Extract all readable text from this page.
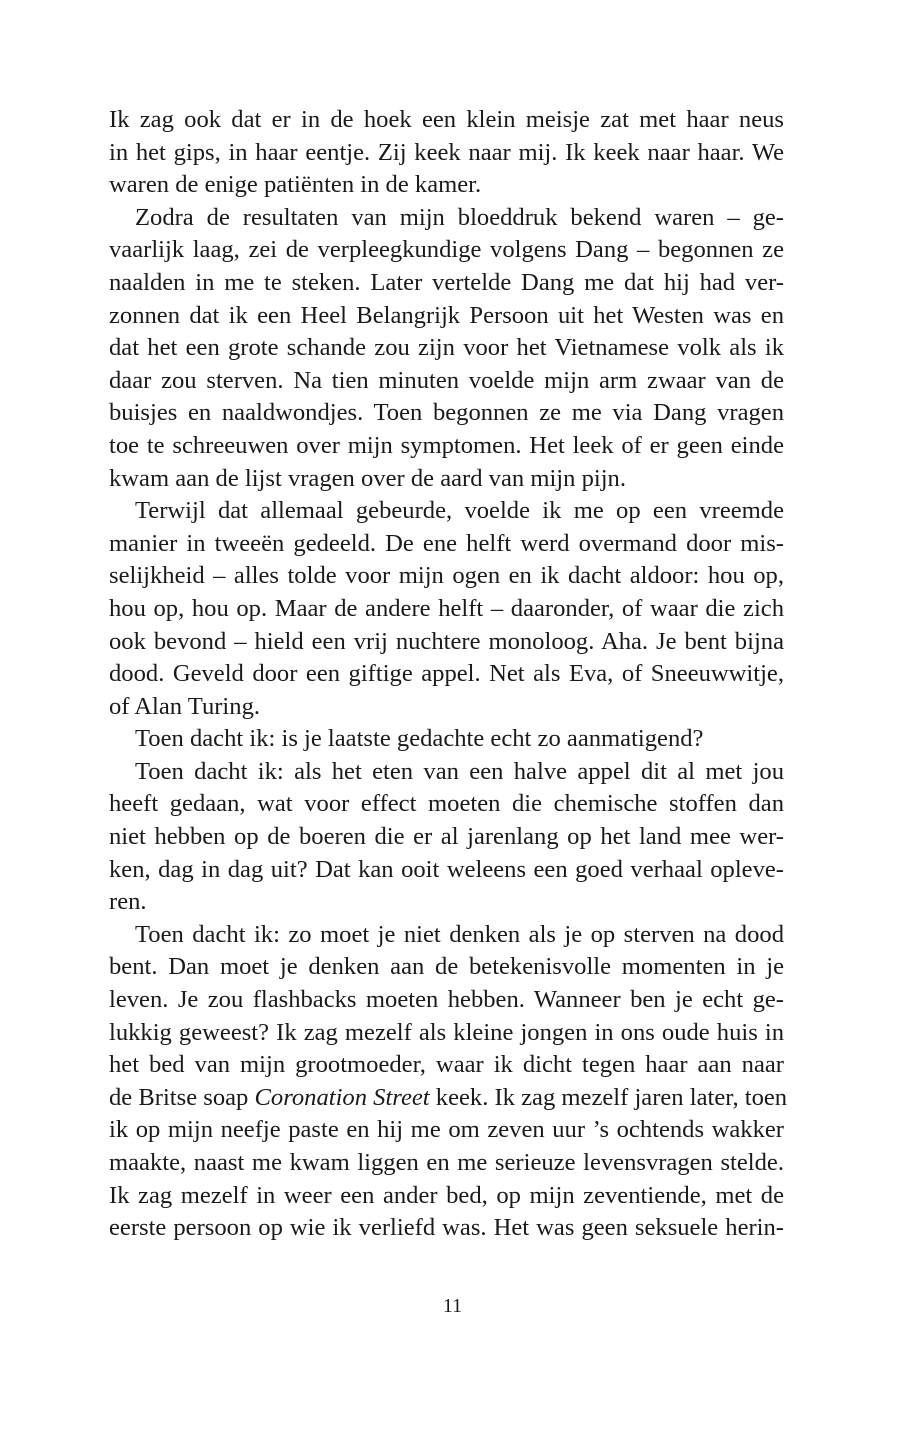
Ik zag ook dat er in de hoek een klein meisje zat met haar neus
in het gips, in haar eentje. Zij keek naar mij. Ik keek naar haar. We
waren de enige patiënten in de kamer.
Zodra de resultaten van mijn bloeddruk bekend waren – ge-
vaarlijk laag, zei de verpleegkundige volgens Dang – begonnen ze
naalden in me te steken. Later vertelde Dang me dat hij had ver-
zonnen dat ik een Heel Belangrijk Persoon uit het Westen was en
dat het een grote schande zou zijn voor het Vietnamese volk als ik
daar zou sterven. Na tien minuten voelde mijn arm zwaar van de
buisjes en naaldwondjes. Toen begonnen ze me via Dang vragen
toe te schreeuwen over mijn symptomen. Het leek of er geen einde
kwam aan de lijst vragen over de aard van mijn pijn.
Terwijl dat allemaal gebeurde, voelde ik me op een vreemde
manier in tweeën gedeeld. De ene helft werd overmand door mis-
selijkheid – alles tolde voor mijn ogen en ik dacht aldoor: hou op,
hou op, hou op. Maar de andere helft – daaronder, of waar die zich
ook bevond – hield een vrij nuchtere monoloog. Aha. Je bent bijna
dood. Geveld door een giftige appel. Net als Eva, of Sneeuwwitje,
of Alan Turing.
Toen dacht ik: is je laatste gedachte echt zo aanmatigend?
Toen dacht ik: als het eten van een halve appel dit al met jou
heeft gedaan, wat voor effect moeten die chemische stoffen dan
niet hebben op de boeren die er al jarenlang op het land mee wer-
ken, dag in dag uit? Dat kan ooit weleens een goed verhaal opleve-
ren.
Toen dacht ik: zo moet je niet denken als je op sterven na dood
bent. Dan moet je denken aan de betekenisvolle momenten in je
leven. Je zou flashbacks moeten hebben. Wanneer ben je echt ge-
lukkig geweest? Ik zag mezelf als kleine jongen in ons oude huis in
het bed van mijn grootmoeder, waar ik dicht tegen haar aan naar
de Britse soap Coronation Street keek. Ik zag mezelf jaren later, toen
ik op mijn neefje paste en hij me om zeven uur ’s ochtends wakker
maakte, naast me kwam liggen en me serieuze levensvragen stelde.
Ik zag mezelf in weer een ander bed, op mijn zeventiende, met de
eerste persoon op wie ik verliefd was. Het was geen seksuele herin-
11
